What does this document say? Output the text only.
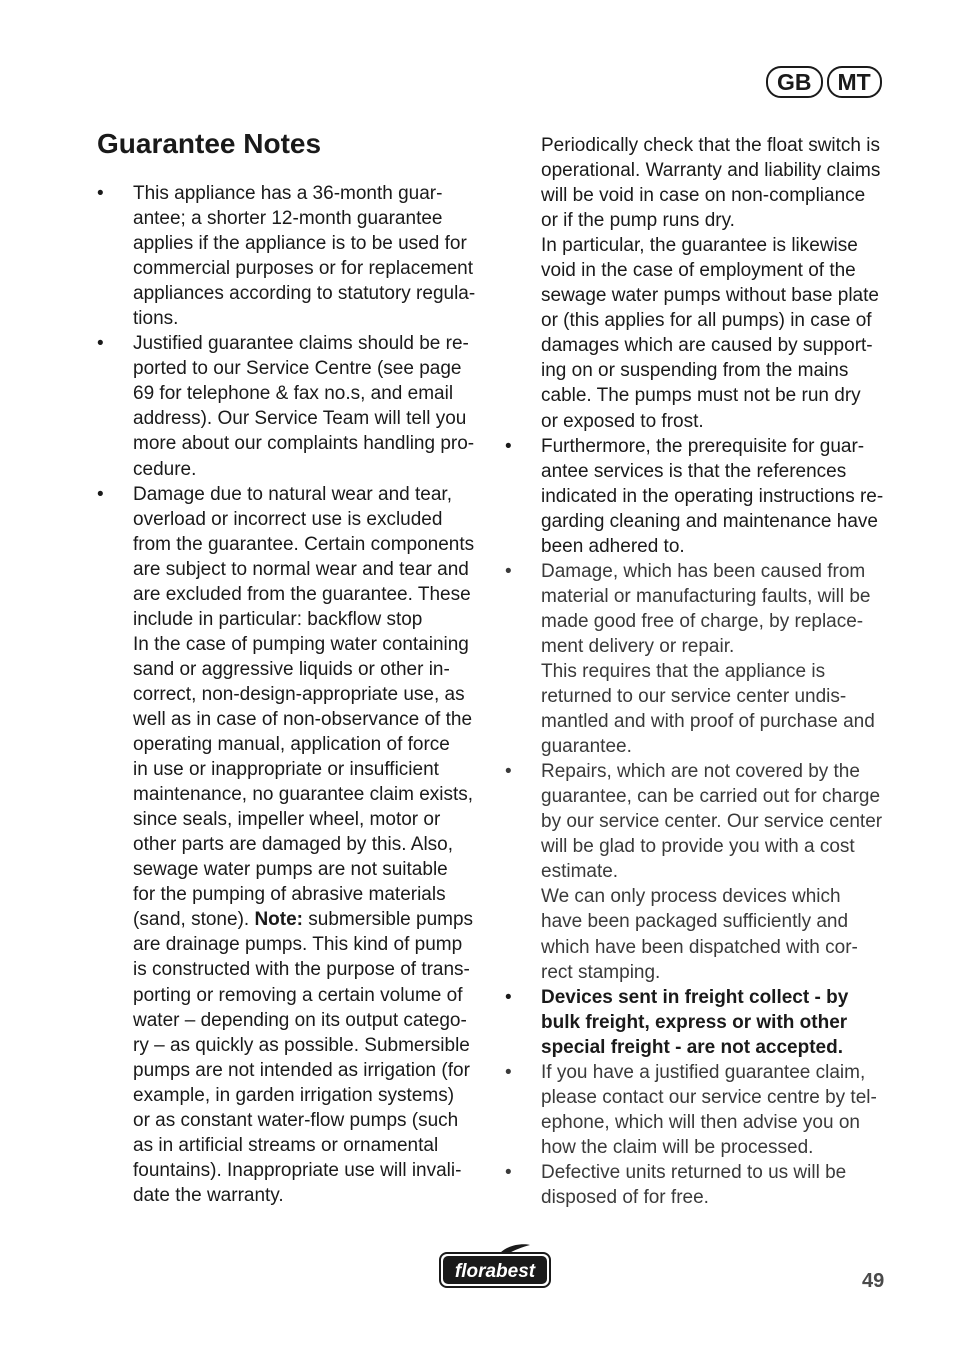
GB	MT
Guarantee Notes
•	This appliance has a 36-month guar-
antee; a shorter 12-month guarantee
applies if the appliance is to be used for
commercial purposes or for replacement
appliances according to statutory regula-
tions.
•	Justified guarantee claims should be re-
ported to our Service Centre (see page
69 for telephone & fax no.s, and email
address). Our Service Team will tell you
more about our complaints handling pro-
cedure.
•	Damage due to natural wear and tear,
overload or incorrect use is excluded
from the guarantee. Certain components
are subject to normal wear and tear and
are excluded from the guarantee. These
include in particular: backflow stop
In the case of pumping water containing
sand or aggressive liquids or other in-
correct, non-design-appropriate use, as
well as in case of non-observance of the
operating manual, application of force
in use or inappropriate or insufficient
maintenance, no guarantee claim exists,
since seals, impeller wheel, motor or
other parts are damaged by this. Also,
sewage water pumps are not suitable
for the pumping of abrasive materials
(sand, stone). Note: submersible pumps
are drainage pumps. This kind of pump
is constructed with the purpose of trans-
porting or removing a certain volume of
water – depending on its output catego-
ry – as quickly as possible. Submersible
pumps are not intended as irrigation (for
example, in garden irrigation systems)
or as constant water-flow pumps (such
as in artificial streams or ornamental
fountains). Inappropriate use will invali-
date the warranty.
Periodically check that the float switch is
operational. Warranty and liability claims
will be void in case on non-compliance
or if the pump runs dry.
In particular, the guarantee is likewise
void in the case of employment of the
sewage water pumps without base plate
or (this applies for all pumps) in case of
damages which are caused by support-
ing on or suspending from the mains
cable. The pumps must not be run dry
or exposed to frost.
•	Furthermore, the prerequisite for guar-
antee services is that the references
indicated in the operating instructions re-
garding cleaning and maintenance have
been adhered to.
•	Damage, which has been caused from
material or manufacturing faults, will be
made good free of charge, by replace-
ment delivery or repair.
This requires that the appliance is
returned to our service center undis-
mantled and with proof of purchase and
guarantee.
•	Repairs, which are not covered by the
guarantee, can be carried out for charge
by our service center. Our service center
will be glad to provide you with a cost
estimate.
We can only process devices which
have been packaged sufficiently and
which have been dispatched with cor-
rect stamping.
•	Devices sent in freight collect - by
bulk freight, express or with other
special freight - are not accepted.
•	If you have a justified guarantee claim,
please contact our service centre by tel-
ephone, which will then advise you on
how the claim will be processed.
•	Defective units returned to us will be
disposed of for free.
florabest	49
